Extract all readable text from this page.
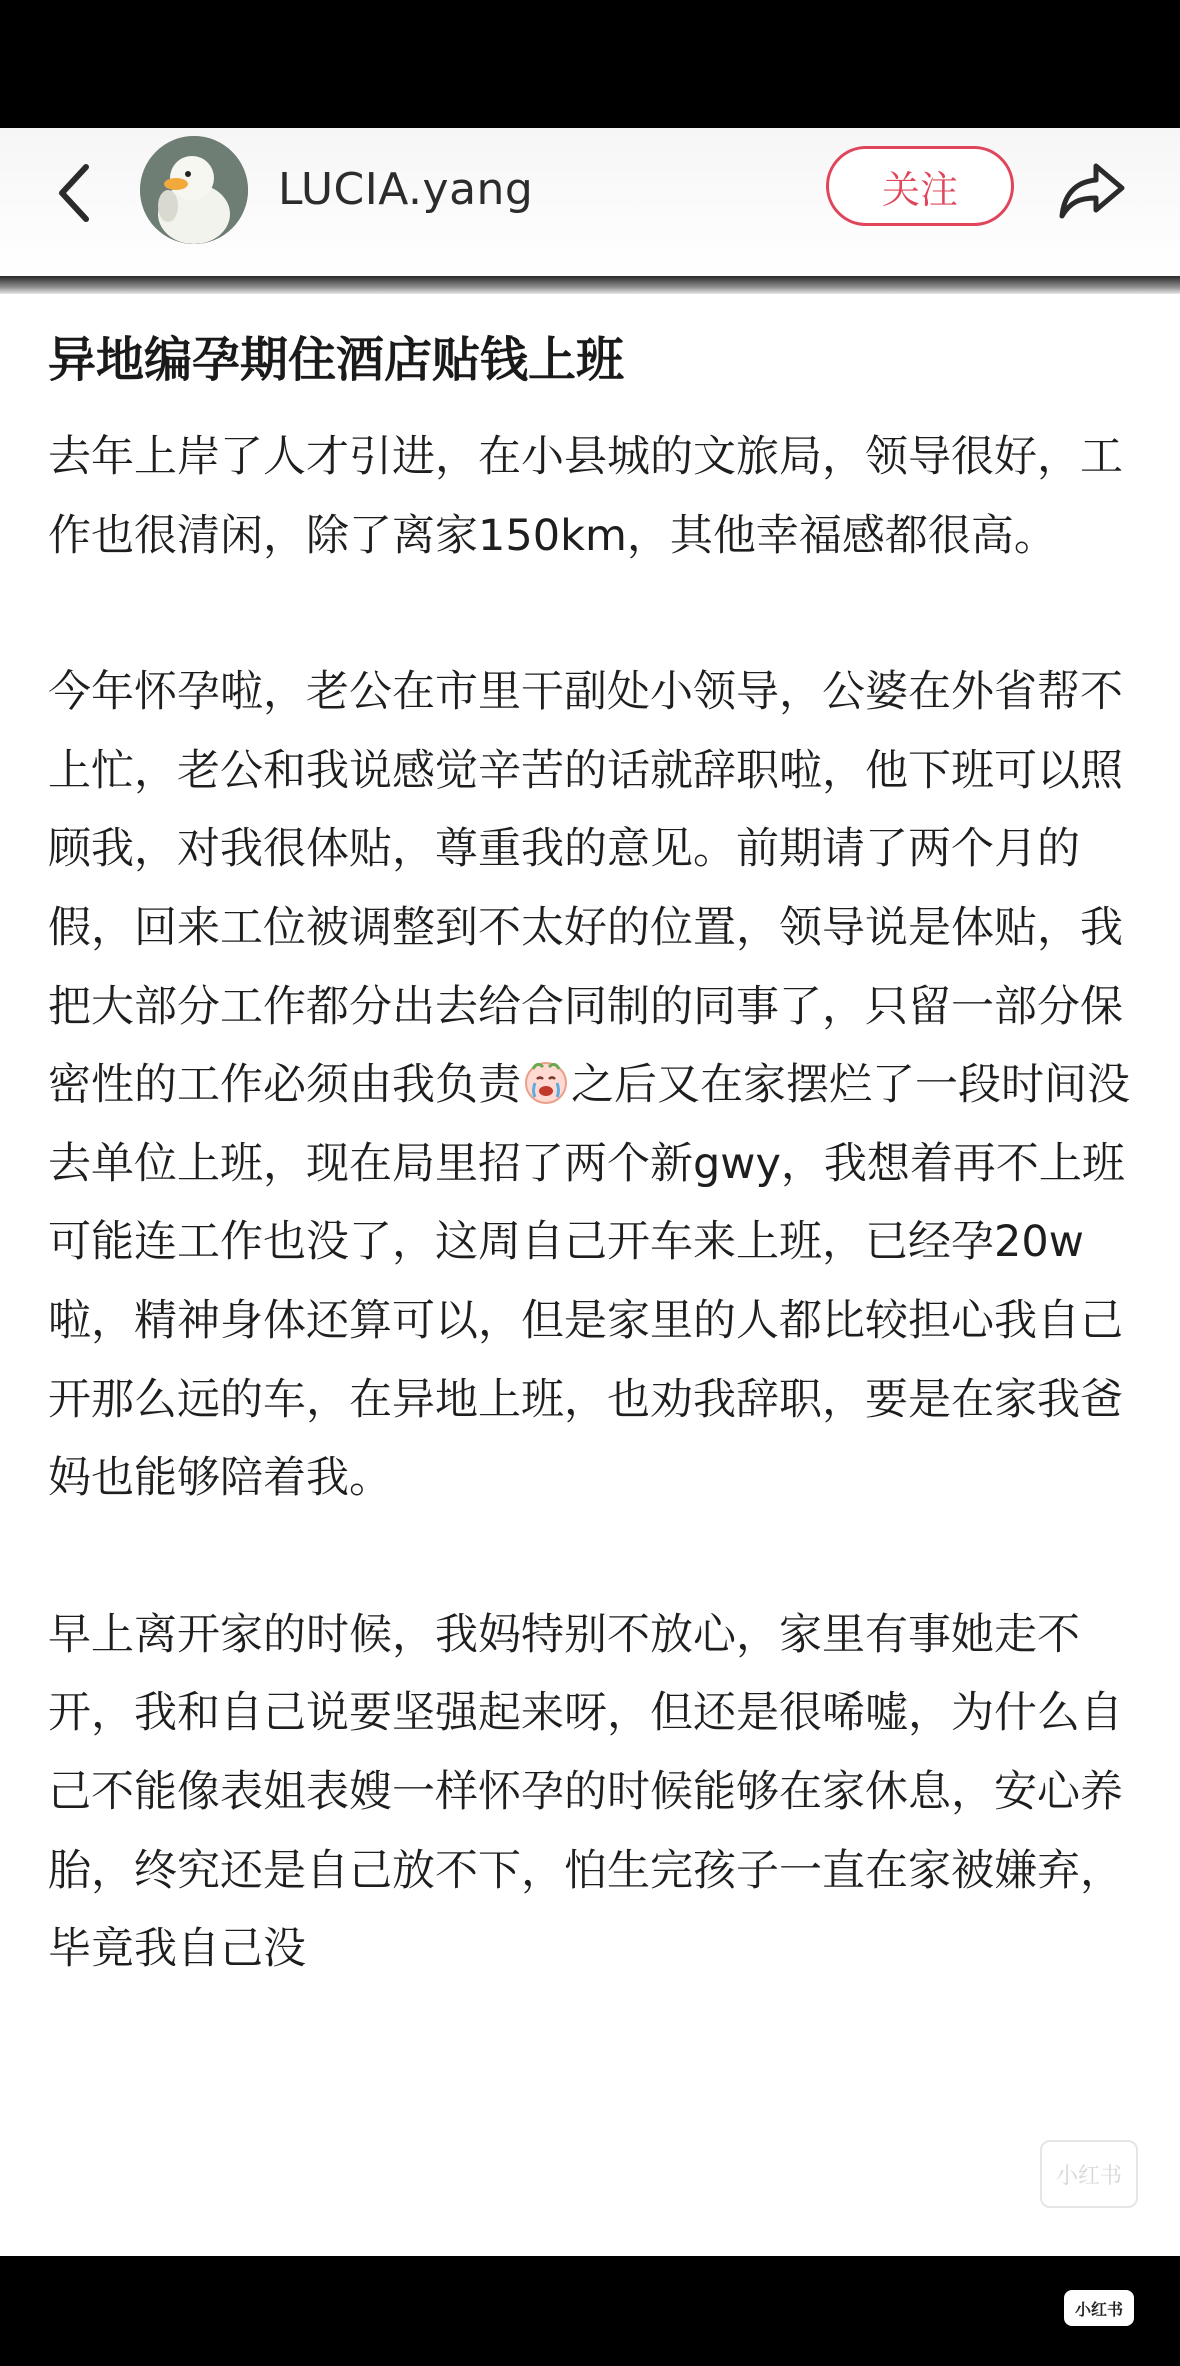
LUCIA.yang	关注
异地编孕期住酒店贴钱上班

去年上岸了人才引进，在小县城的文旅局，领导很好，工作也很清闲，除了离家150km，其他幸福感都很高。

今年怀孕啦，老公在市里干副处小领导，公婆在外省帮不上忙，老公和我说感觉辛苦的话就辞职啦，他下班可以照顾我，对我很体贴，尊重我的意见。前期请了两个月的假，回来工位被调整到不太好的位置，领导说是体贴，我把大部分工作都分出去给合同制的同事了，只留一部分保密性的工作必须由我负责 之后又在家摆烂了一段时间没去单位上班，现在局里招了两个新gwy，我想着再不上班可能连工作也没了，这周自己开车来上班，已经孕20w啦，精神身体还算可以，但是家里的人都比较担心我自己开那么远的车，在异地上班，也劝我辞职，要是在家我爸妈也能够陪着我。

早上离开家的时候，我妈特别不放心，家里有事她走不开，我和自己说要坚强起来呀，但还是很唏嘘，为什么自己不能像表姐表嫂一样怀孕的时候能够在家休息，安心养胎，终究还是自己放不下，怕生完孩子一直在家被嫌弃，毕竟我自己没

小红书
小红书
